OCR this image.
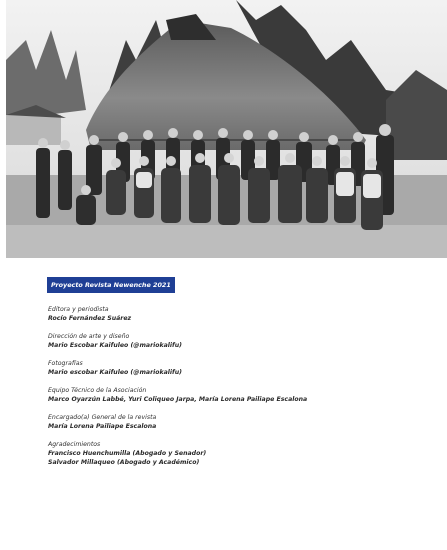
Proyecto Revista Newenche 2021
Editora y periodista
Rocío Fernández Suárez
Dirección de arte y diseño
Mario Escobar Kaifuleo (@mariokalifu)
Fotografías
Mario escobar Kaifuleo (@mariokalifu)
Equipo Técnico de la Asociación
Marco Oyarzún Labbé, Yuri Coliqueo Jarpa, María Lorena Pailiape Escalona
Encargado(a) General de la revista
María Lorena Pailiape Escalona
Agradecimientos
Francisco Huenchumilla (Abogado y Senador)
Salvador Millaqueo (Abogado y Académico)
